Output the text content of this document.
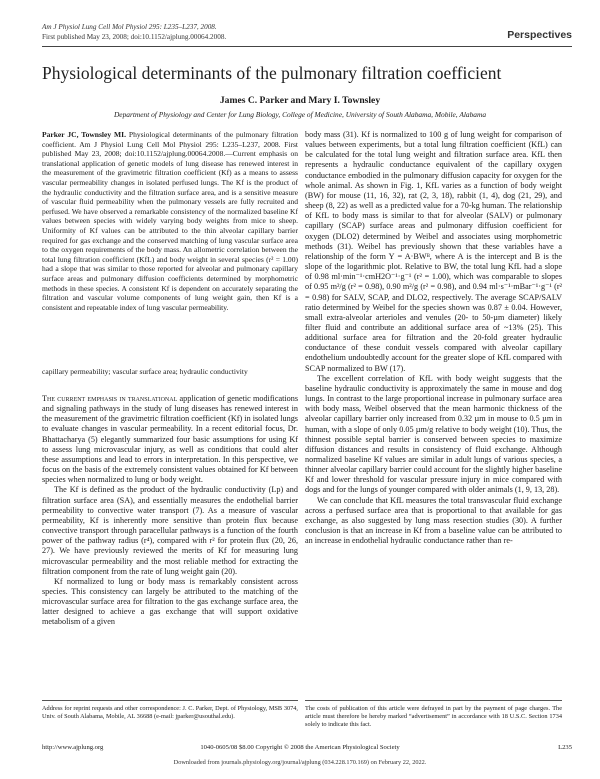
Am J Physiol Lung Cell Mol Physiol 295: L235–L237, 2008.
First published May 23, 2008; doi:10.1152/ajplung.00064.2008.	Perspectives
Physiological determinants of the pulmonary filtration coefficient
James C. Parker and Mary I. Townsley
Department of Physiology and Center for Lung Biology, College of Medicine, University of South Alabama, Mobile, Alabama

Parker JC, Townsley MI. Physiological determinants of the pulmonary filtration coefficient. Am J Physiol Lung Cell Mol Physiol 295: L235–L237, 2008. First published May 23, 2008; doi:10.1152/ajplung.00064.2008.—Current emphasis on translational application of genetic models of lung disease has renewed interest in the measurement of the gravimetric filtration coefficient (Kf) as a means to assess vascular permeability changes in isolated perfused lungs. The Kf is the product of the hydraulic conductivity and the filtration surface area, and is a sensitive measure of vascular fluid permeability when the pulmonary vessels are fully recruited and perfused. We have observed a remarkable consistency of the normalized baseline Kf values between species with widely varying body weights from mice to sheep. Uniformity of Kf values can be attributed to the thin alveolar capillary barrier required for gas exchange and the conserved matching of lung vascular surface area to the oxygen requirements of the body mass. An allometric correlation between the total lung filtration coefficient (KfL) and body weight in several species (r² = 1.00) had a slope that was similar to those reported for alveolar and pulmonary capillary surface areas and pulmonary diffusion coefficients determined by morphometric methods in these species. A consistent Kf is dependent on accurately separating the filtration and vascular volume components of lung weight gain, then Kf is a consistent and repeatable index of lung vascular permeability.

capillary permeability; vascular surface area; hydraulic conductivity

The current emphasis in translational application of genetic modifications and signaling pathways in the study of lung diseases has renewed interest in the measurement of the gravimetric filtration coefficient (Kf) in isolated lungs to evaluate changes in vascular permeability. In a recent editorial focus, Dr. Bhattacharya (5) elegantly summarized four basic assumptions for using Kf to assess lung microvascular injury, as well as conditions that could alter these assumptions and lead to errors in interpretation. In this perspective, we focus on the basis of the extremely consistent values obtained for Kf between species when normalized to lung or body weight.

The Kf is defined as the product of the hydraulic conductivity (Lp) and filtration surface area (SA), and essentially measures the endothelial barrier permeability to convective water transport (7). As a measure of vascular permeability, Kf is inherently more sensitive than protein flux because convective transport through paracellular pathways is a function of the fourth power of the pathway radius (r⁴), compared with r² for protein flux (20, 26, 27). We have previously reviewed the merits of Kf for measuring lung microvascular permeability and the most reliable method for extracting the filtration component from the rate of lung weight gain (20).

Kf normalized to lung or body mass is remarkably consistent across species. This consistency can largely be attributed to the matching of the microvascular surface area for filtration to the gas exchange surface area, the latter designed to achieve a gas exchange that will support oxidative metabolism of a given

body mass (31). Kf is normalized to 100 g of lung weight for comparison of values between experiments, but a total lung filtration coefficient (KfL) can be calculated for the total lung weight and filtration surface area. KfL then represents a hydraulic conductance equivalent of the capillary oxygen conductance embodied in the pulmonary diffusion capacity for oxygen for the whole animal. As shown in Fig. 1, KfL varies as a function of body weight (BW) for mouse (11, 16, 32), rat (2, 3, 18), rabbit (1, 4), dog (21, 29), and sheep (8, 22) as well as a predicted value for a 70-kg human. The relationship of KfL to body mass is similar to that for alveolar (SALV) or pulmonary capillary (SCAP) surface areas and pulmonary diffusion coefficient for oxygen (DLO2) determined by Weibel and associates using morphometric methods (31). Weibel has previously shown that these variables have a relationship of the form Y = A·BWᴮ, where A is the intercept and B is the slope of the logarithmic plot. Relative to BW, the total lung KfL had a slope of 0.98 ml·min⁻¹·cmH2O⁻¹·g⁻¹ (r² = 1.00), which was comparable to slopes of 0.95 m²/g (r² = 0.98), 0.90 m²/g (r² = 0.98), and 0.94 ml·s⁻¹·mBar⁻¹·g⁻¹ (r² = 0.98) for SALV, SCAP, and DLO2, respectively. The average SCAP/SALV ratio determined by Weibel for the species shown was 0.87 ± 0.04. However, small extra-alveolar arterioles and venules (20- to 50-µm diameter) likely filter fluid and contribute an additional surface area of ~13% (25). This additional surface area for filtration and the 20-fold greater hydraulic conductance of these conduit vessels compared with alveolar capillary endothelium undoubtedly account for the greater slope of KfL compared with SCAP normalized to BW (17).

The excellent correlation of KfL with body weight suggests that the baseline hydraulic conductivity is approximately the same in mouse and dog lungs. In contrast to the large proportional increase in pulmonary surface area with body mass, Weibel observed that the mean harmonic thickness of the alveolar capillary barrier only increased from 0.32 µm in mouse to 0.5 µm in human, with a slope of only 0.05 µm/g relative to body weight (10). Thus, the thinnest possible septal barrier is conserved between species to maximize diffusion distances and results in consistency of fluid exchange. Although normalized baseline Kf values are similar in adult lungs of various species, a thinner alveolar capillary barrier could account for the slightly higher baseline Kf and lower threshold for vascular pressure injury in mice compared with dogs and for the lungs of younger compared with older animals (1, 9, 13, 28).

We can conclude that KfL measures the total transvascular fluid exchange across a perfused surface area that is proportional to that available for gas exchange, as also suggested by lung mass resection studies (30). A further conclusion is that an increase in Kf from a baseline value can be attributed to an increase in endothelial hydraulic conductance rather than re-

Address for reprint requests and other correspondence: J. C. Parker, Dept. of Physiology, MSB 3074, Univ. of South Alabama, Mobile, AL 36688 (e-mail: jparker@usouthal.edu).
The costs of publication of this article were defrayed in part by the payment of page charges. The article must therefore be hereby marked “advertisement” in accordance with 18 U.S.C. Section 1734 solely to indicate this fact.
http://www.ajplung.org	1040-0605/08 $8.00 Copyright © 2008 the American Physiological Society	L235
Downloaded from journals.physiology.org/journal/ajplung (034.228.170.169) on February 22, 2022.
